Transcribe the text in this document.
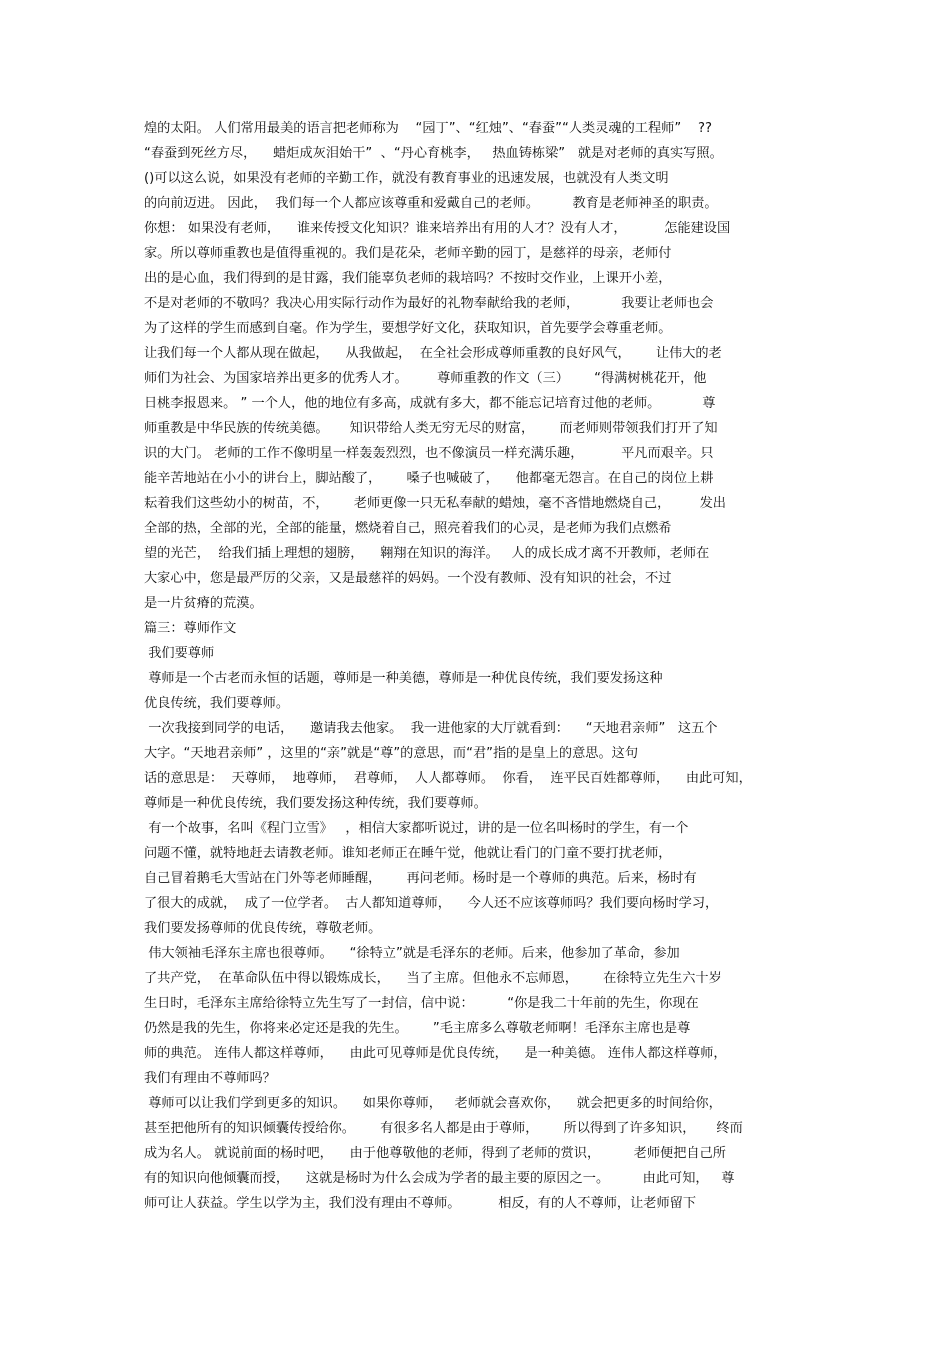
煌的太阳。 人们常用最美的语言把老师称为    “园丁”、“红烛”、“春蚕”“人类灵魂的工程师”    ??
“春蚕到死丝方尽，    蜡炬成灰泪始干”  、“丹心育桃李，   热血铸栋梁”   就是对老师的真实写照。
()可以这么说，如果没有老师的辛勤工作，就没有教育事业的迅速发展，也就没有人类文明
的向前迈进。 因此，  我们每一个人都应该尊重和爱戴自己的老师。        教育是老师神圣的职责。
你想： 如果没有老师，    谁来传授文化知识？谁来培养出有用的人才？没有人才，         怎能建设国
家。所以尊师重教也是值得重视的。我们是花朵，老师辛勤的园丁，是慈祥的母亲，老师付
出的是心血，我们得到的是甘露，我们能辜负老师的栽培吗？不按时交作业，上课开小差，
不是对老师的不敬吗？我决心用实际行动作为最好的礼物奉献给我的老师，          我要让老师也会
为了这样的学生而感到自毫。作为学生，要想学好文化，获取知识，首先要学会尊重老师。
让我们每一个人都从现在做起，    从我做起，  在全社会形成尊师重教的良好风气，      让伟大的老
师们为社会、为国家培养出更多的优秀人才。       尊师重教的作文（三）      “得满树桃花开，他
日桃李报恩来。 ” 一个人，他的地位有多高，成就有多大，都不能忘记培育过他的老师。          尊
师重教是中华民族的传统美德。     知识带给人类无穷无尽的财富，      而老师则带领我们打开了知
识的大门。 老师的工作不像明星一样轰轰烈烈，也不像演员一样充满乐趣，         平凡而艰辛。只
能辛苦地站在小小的讲台上，脚站酸了，      嗓子也喊破了，    他都毫无怨言。在自己的岗位上耕
耘着我们这些幼小的树苗，不，      老师更像一只无私奉献的蜡烛，毫不吝惜地燃烧自己，       发出
全部的热，全部的光，全部的能量，燃烧着自己，照亮着我们的心灵，是老师为我们点燃希
望的光芒，  给我们插上理想的翅膀，    翱翔在知识的海洋。   人的成长成才离不开教师，老师在
大家心中，您是最严厉的父亲，又是最慈祥的妈妈。一个没有教师、没有知识的社会，不过
是一片贫瘠的荒漠。
篇三：尊师作文
我们要尊师
尊师是一个古老而永恒的话题，尊师是一种美德，尊师是一种优良传统，我们要发扬这种
优良传统，我们要尊师。
一次我接到同学的电话，    邀请我去他家。  我一进他家的大厅就看到：    “天地君亲师”   这五个
大字。“天地君亲师” ，这里的“亲”就是“尊”的意思，而“君”指的是皇上的意思。这句
话的意思是：  天尊师，  地尊师，  君尊师，  人人都尊师。  你看，  连平民百姓都尊师，    由此可知，
尊师是一种优良传统，我们要发扬这种传统，我们要尊师。
有一个故事，名叫《程门立雪》   ，相信大家都听说过，讲的是一位名叫杨时的学生，有一个
问题不懂，就特地赶去请教老师。谁知老师正在睡午觉，他就让看门的门童不要打扰老师，
自己冒着鹅毛大雪站在门外等老师睡醒，      再问老师。杨时是一个尊师的典范。后来，杨时有
了很大的成就，  成了一位学者。  古人都知道尊师，    今人还不应该尊师吗？我们要向杨时学习，
我们要发扬尊师的优良传统，尊敬老师。
伟大领袖毛泽东主席也很尊师。    “徐特立”就是毛泽东的老师。后来，他参加了革命，参加
了共产党，  在革命队伍中得以锻炼成长，    当了主席。但他永不忘师恩，      在徐特立先生六十岁
生日时，毛泽东主席给徐特立先生写了一封信，信中说：        “你是我二十年前的先生，你现在
仍然是我的先生，你将来必定还是我的先生。      ”毛主席多么尊敬老师啊！毛泽东主席也是尊
师的典范。 连伟人都这样尊师，    由此可见尊师是优良传统，    是一种美德。 连伟人都这样尊师，
我们有理由不尊师吗？
尊师可以让我们学到更多的知识。    如果你尊师，   老师就会喜欢你，    就会把更多的时间给你，
甚至把他所有的知识倾囊传授给你。      有很多名人都是由于尊师，      所以得到了许多知识，     终而
成为名人。 就说前面的杨时吧，    由于他尊敬他的老师，得到了老师的赏识，        老师便把自己所
有的知识向他倾囊而授，    这就是杨时为什么会成为学者的最主要的原因之一。        由此可知，   尊
师可让人获益。学生以学为主，我们没有理由不尊师。         相反，有的人不尊师，让老师留下
